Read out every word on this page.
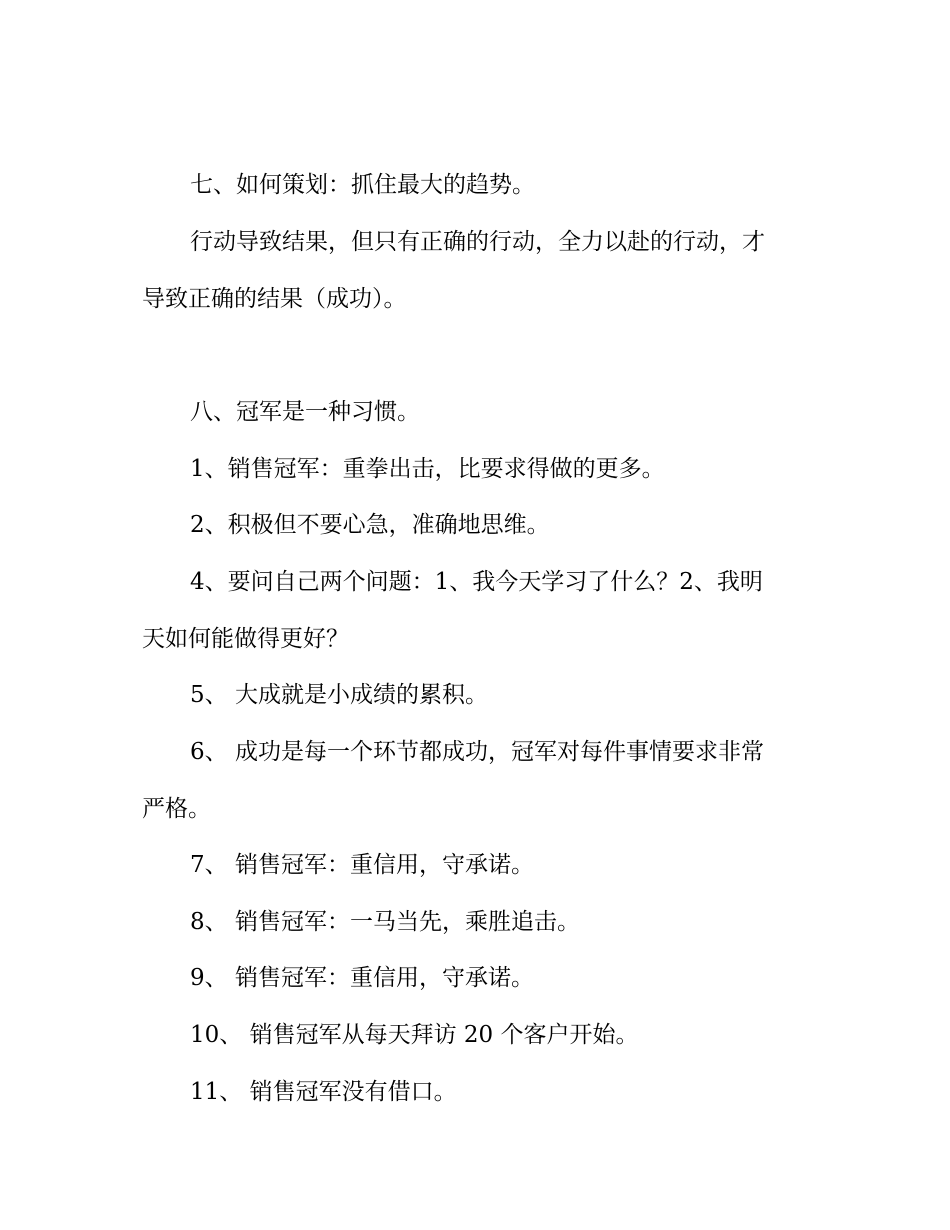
七、如何策划：抓住最大的趋势。

行动导致结果，但只有正确的行动，全力以赴的行动，才
导致正确的结果（成功）。

八、冠军是一种习惯。

1、销售冠军：重拳出击，比要求得做的更多。

2、积极但不要心急，准确地思维。

4、要问自己两个问题：1、我今天学习了什么？2、我明
天如何能做得更好？

5、 大成就是小成绩的累积。

6、 成功是每一个环节都成功，冠军对每件事情要求非常
严格。

7、 销售冠军：重信用，守承诺。

8、 销售冠军：一马当先，乘胜追击。

9、 销售冠军：重信用，守承诺。

10、 销售冠军从每天拜访 20 个客户开始。

11、 销售冠军没有借口。
